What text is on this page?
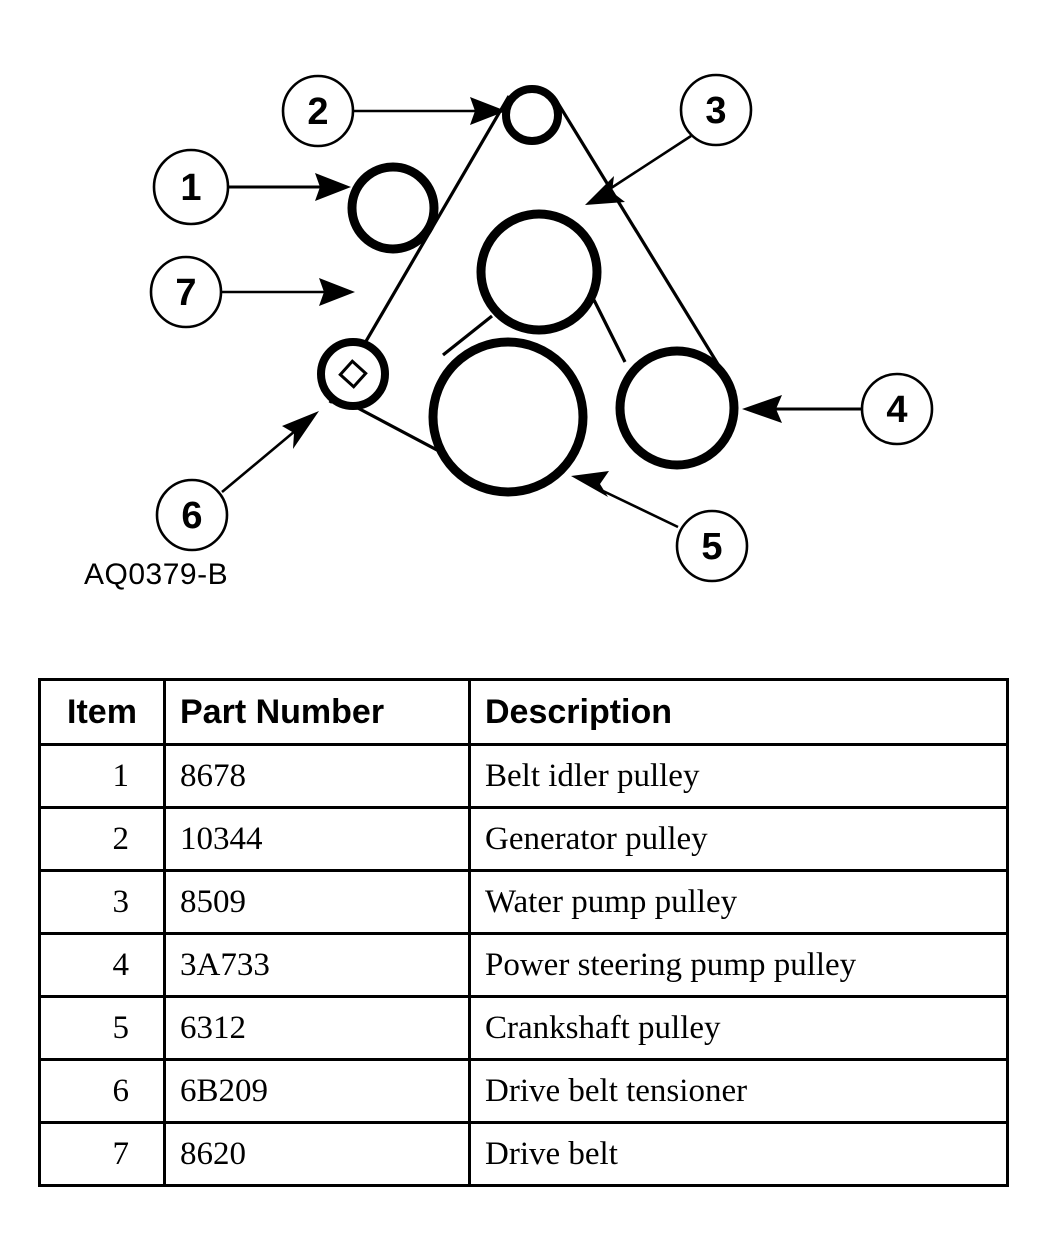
1
2	3
4
5
6
7
AQ0379-B
Item	Part Number	Description
1	8678	Belt idler pulley
2	10344	Generator pulley
3	8509	Water pump pulley
4	3A733	Power steering pump pulley
5	6312	Crankshaft pulley
6	6B209	Drive belt tensioner
7	8620	Drive belt
